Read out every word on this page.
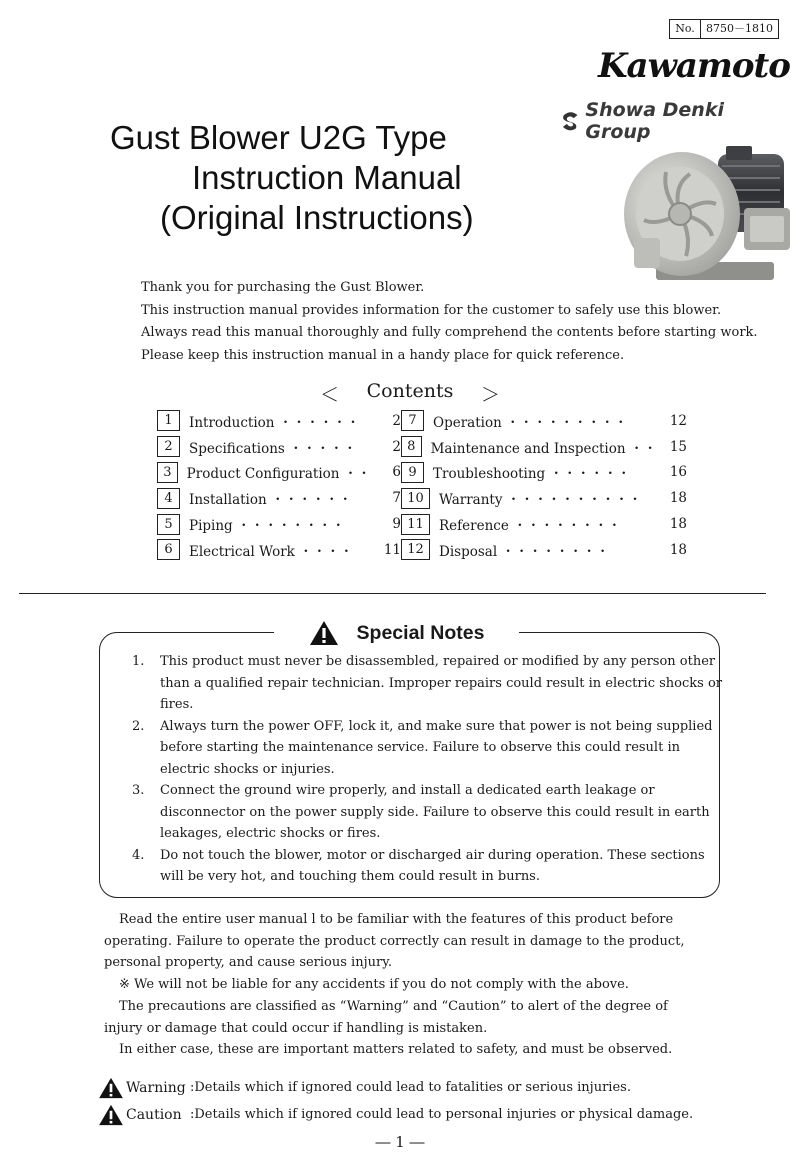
No.	8750－1810
Kawamoto
Showa Denki Group
Gust Blower U2G Type
Instruction Manual
(Original Instructions)
Thank you for purchasing the Gust Blower.
This instruction manual provides information for the customer to safely use this blower.
Always read this manual thoroughly and fully comprehend the contents before starting work.
Please keep this instruction manual in a handy place for quick reference.
＜ Contents ＞
1	Introduction ・・・・・・	2 7	Operation ・・・・・・・・・	12
2	Specifications ・・・・・	2 8	Maintenance and Inspection ・・ 15
3	Product Configuration ・・	6 9	Troubleshooting ・・・・・・	16
4	Installation ・・・・・・	7 10	Warranty ・・・・・・・・・・	18
5	Piping ・・・・・・・・	9 11	Reference ・・・・・・・・	18
6	Electrical Work ・・・・	11 12	Disposal ・・・・・・・・	18
Special Notes
1.	This product must never be disassembled, repaired or modified by any person other than a qualified repair technician. Improper repairs could result in electric shocks or fires.
2.	Always turn the power OFF, lock it, and make sure that power is not being supplied before starting the maintenance service. Failure to observe this could result in electric shocks or injuries.
3.	Connect the ground wire properly, and install a dedicated earth leakage or disconnector on the power supply side. Failure to observe this could result in earth leakages, electric shocks or fires.
4.	Do not touch the blower, motor or discharged air during operation. These sections will be very hot, and touching them could result in burns.

Read the entire user manual l to be familiar with the features of this product before operating. Failure to operate the product correctly can result in damage to the product, personal property, and cause serious injury.

※ We will not be liable for any accidents if you do not comply with the above.

The precautions are classified as “Warning” and “Caution” to alert of the degree of injury or damage that could occur if handling is mistaken.

In either case, these are important matters related to safety, and must be observed.

Warning :Details which if ignored could lead to fatalities or serious injuries.
Caution :Details which if ignored could lead to personal injuries or physical damage.
― 1 ―
